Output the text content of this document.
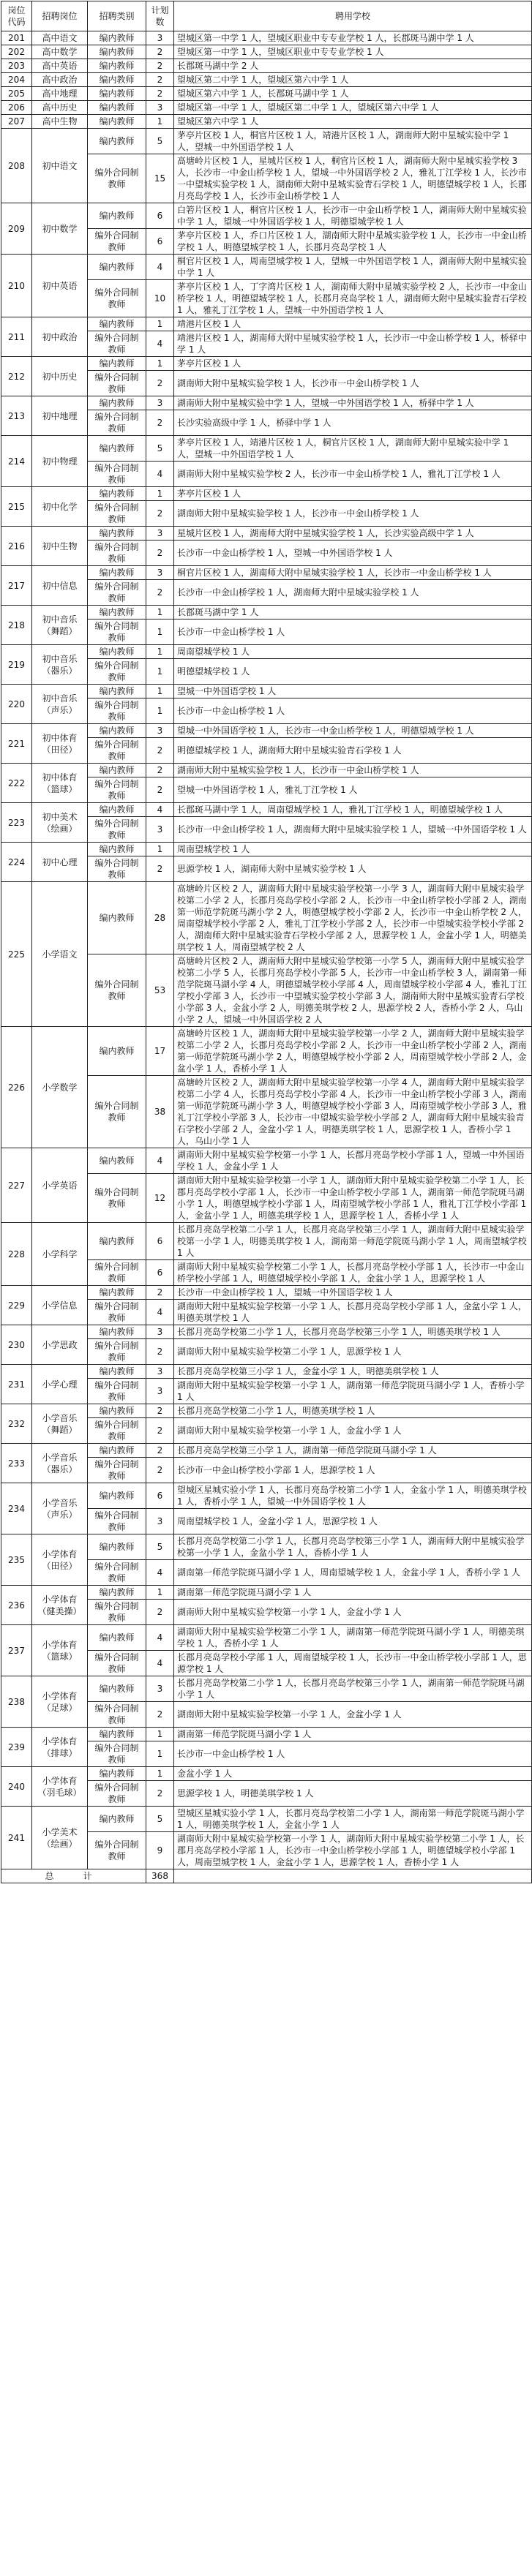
岗位代码	招聘岗位	招聘类别	计划数	聘用学校
201	高中语文	编内教师	3	望城区第一中学 1 人，望城区职业中专专业学校 1 人，长郡斑马湖中学 1 人
202	高中数学	编内教师	2	望城区第一中学 1 人，望城区职业中专专业学校 1 人
203	高中英语	编内教师	2	长郡斑马湖中学 2 人
204	高中政治	编内教师	2	望城区第二中学 1 人，望城区第六中学 1 人
205	高中地理	编内教师	2	望城区第六中学 1 人，长郡斑马湖中学 1 人
206	高中历史	编内教师	3	望城区第一中学 1 人，望城区第二中学 1 人，望城区第六中学 1 人
207	高中生物	编内教师	1	望城区第六中学 1 人
208	初中语文	编内教师	5	茅亭片区校 1 人，桐官片区校 1 人，靖港片区校 1 人，湖南师大附中星城实验中学 1 人，望城一中外国语学校 1 人
		编外合同制教师	15	高塘岭片区校 1 人，星城片区校 1 人，桐官片区校 1 人，湖南师大附中星城实验学校 3 人，长沙市一中金山桥学校 1 人，望城一中外国语学校 2 人，雅礼丁江学校 1 人，长沙市一中望城实验学校 1 人，湖南师大附中星城实验青石学校 1 人，明德望城学校 1 人，长郡月亮岛学校 1 人，长沙市金山桥学校 1 人
209	初中数学	编内教师	6	白箬片区校 1 人，桐官片区校 1 人，长沙市一中金山桥学校 1 人，湖南师大附中星城实验中学 1 人，望城一中外国语学校 1 人，明德望城学校 1 人
		编外合同制教师	6	茅亭片区校 1 人，乔口片区校 1 人，湖南师大附中星城实验学校 1 人，长沙市一中金山桥学校 1 人，明德望城学校 1 人，长郡月亮岛学校 1 人
210	初中英语	编内教师	4	桐官片区校 1 人，周南望城学校 1 人，望城一中外国语学校 1 人，湖南师大附中星城实验中学 1 人
		编外合同制教师	10	茅亭片区校 1 人，丁字湾片区校 1 人，湖南师大附中星城实验学校 2 人，长沙市一中金山桥学校 1 人，明德望城学校 1 人，长郡月亮岛学校 1 人，湖南师大附中星城实验青石学校 1 人，雅礼丁江学校 1 人，望城一中外国语学校 1 人
211	初中政治	编内教师	1	靖港片区校 1 人
		编外合同制教师	4	靖港片区校 1 人，湖南师大附中星城实验学校 1 人，长沙市一中金山桥学校 1 人，桥驿中学 1 人
212	初中历史	编内教师	1	茅亭片区校 1 人
		编外合同制教师	2	湖南师大附中星城实验学校 1 人，长沙市一中金山桥学校 1 人
213	初中地理	编内教师	3	湖南师大附中星城实验中学 1 人，望城一中外国语学校 1 人，桥驿中学 1 人
		编外合同制教师	2	长沙实验高级中学 1 人，桥驿中学 1 人
214	初中物理	编内教师	5	茅亭片区校 1 人，靖港片区校 1 人，桐官片区校 1 人，湖南师大附中星城实验中学 1 人，望城一中外国语学校 1 人
		编外合同制教师	4	湖南师大附中星城实验学校 2 人，长沙市一中金山桥学校 1 人，雅礼丁江学校 1 人
215	初中化学	编内教师	1	茅亭片区校 1 人
		编外合同制教师	2	湖南师大附中星城实验学校 1 人，长沙市一中金山桥学校 1 人
216	初中生物	编内教师	3	星城片区校 1 人，湖南师大附中星城实验学校 1 人，长沙实验高级中学 1 人
		编外合同制教师	2	长沙市一中金山桥学校 1 人，望城一中外国语学校 1 人
217	初中信息	编内教师	3	桐官片区校 1 人，湖南师大附中星城实验学校 1 人，长沙市一中金山桥学校 1 人
		编外合同制教师	2	长沙市一中金山桥学校 1 人，湖南师大附中星城实验学校 1 人
218	初中音乐（舞蹈）	编内教师	1	长郡斑马湖中学 1 人
		编外合同制教师	1	长沙市一中金山桥学校 1 人
219	初中音乐（器乐）	编内教师	1	周南望城学校 1 人
		编外合同制教师	1	明德望城学校 1 人
220	初中音乐（声乐）	编内教师	1	望城一中外国语学校 1 人
		编外合同制教师	1	长沙市一中金山桥学校 1 人
221	初中体育（田径）	编内教师	3	望城一中外国语学校 1 人，长沙市一中金山桥学校 1 人，明德望城学校 1 人
		编外合同制教师	2	明德望城学校 1 人，湖南师大附中星城实验青石学校 1 人
222	初中体育（篮球）	编内教师	2	湖南师大附中星城实验学校 1 人，长沙市一中金山桥学校 1 人
		编外合同制教师	2	望城一中外国语学校 1 人，雅礼丁江学校 1 人
223	初中美术（绘画）	编内教师	4	长郡斑马湖中学 1 人，周南望城学校 1 人，雅礼丁江学校 1 人，明德望城学校 1 人
		编外合同制教师	3	长沙市一中金山桥学校 1 人，湖南师大附中星城实验学校 1 人，望城一中外国语学校 1 人
224	初中心理	编内教师	1	周南望城学校 1 人
		编外合同制教师	2	思源学校 1 人，湖南师大附中星城实验学校 1 人
225	小学语文	编内教师	28	高塘岭片区校 2 人，湖南师大附中星城实验学校第一小学 3 人，湖南师大附中星城实验学校第二小学 2 人，长郡月亮岛学校小学部 2 人，长沙市一中金山桥学校小学部 2 人，湖南第一师范学院斑马湖小学 2 人，明德望城学校小学部 2 人，长沙市一中金山桥学校 2 人，周南望城学校小学部 2 人，雅礼丁江学校小学部 2 人，长沙市一中望城实验学校小学部 2 人，湖南师大附中星城实验青石学校小学部 2 人，思源学校 1 人，金盆小学 1 人，明德美琪学校 1 人，周南望城学校 2 人
		编外合同制教师	53	高塘岭片区校 2 人，湖南师大附中星城实验学校第一小学 5 人，湖南师大附中星城实验学校第二小学 5 人，长郡月亮岛学校小学部 5 人，长沙市一中金山桥学校 3 人，湖南第一师范学院斑马湖小学 4 人，明德望城学校小学部 4 人，周南望城学校小学部 4 人，雅礼丁江学校小学部 3 人，长沙市一中望城实验学校小学部 3 人，湖南师大附中星城实验青石学校小学部 3 人，金盆小学 2 人，明德美琪学校 2 人，思源学校 2 人，香桥小学 2 人，乌山小学 2 人，望城一中外国语学校 2 人
226	小学数学	编内教师	17	高塘岭片区校 1 人，湖南师大附中星城实验学校第一小学 2 人，湖南师大附中星城实验学校第二小学 2 人，长郡月亮岛学校小学部 2 人，长沙市一中金山桥学校小学部 2 人，湖南第一师范学院斑马湖小学 2 人，明德望城学校小学部 2 人，周南望城学校小学部 2 人，金盆小学 1 人，香桥小学 1 人
		编外合同制教师	38	高塘岭片区校 2 人，湖南师大附中星城实验学校第一小学 4 人，湖南师大附中星城实验学校第二小学 4 人，长郡月亮岛学校小学部 4 人，长沙市一中金山桥学校小学部 3 人，湖南第一师范学院斑马湖小学 3 人，明德望城学校小学部 3 人，周南望城学校小学部 3 人，雅礼丁江学校小学部 3 人，长沙市一中望城实验学校小学部 2 人，湖南师大附中星城实验青石学校小学部 2 人，金盆小学 1 人，明德美琪学校 1 人，思源学校 1 人，香桥小学 1 人，乌山小学 1 人
227	小学英语	编内教师	4	湖南师大附中星城实验学校第一小学 1 人，长郡月亮岛学校小学部 1 人，望城一中外国语学校 1 人，金盆小学 1 人
		编外合同制教师	12	湖南师大附中星城实验学校第一小学 1 人，湖南师大附中星城实验学校第二小学 1 人，长郡月亮岛学校小学部 1 人，长沙市一中金山桥学校小学部 1 人，湖南第一师范学院斑马湖小学 1 人，明德望城学校小学部 1 人，周南望城学校小学部 1 人，雅礼丁江学校小学部 1 人，金盆小学 1 人，明德美琪学校 1 人，思源学校 1 人，香桥小学 1 人
228	小学科学	编内教师	6	长郡月亮岛学校第二小学 1 人，长郡月亮岛学校第三小学 1 人，湖南师大附中星城实验学校第一小学 1 人，明德美琪学校 1 人，湖南第一师范学院斑马湖小学 1 人，周南望城学校 1 人
		编外合同制教师	6	湖南师大附中星城实验学校第二小学 1 人，长郡月亮岛学校小学部 1 人，长沙市一中金山桥学校小学部 1 人，明德望城学校小学部 1 人，金盆小学 1 人，思源学校 1 人
229	小学信息	编内教师	2	长沙市一中金山桥学校 1 人，望城一中外国语学校 1 人
		编外合同制教师	4	湖南师大附中星城实验学校第一小学 1 人，长郡月亮岛学校小学部 1 人，金盆小学 1 人，明德美琪学校 1 人
230	小学思政	编内教师	3	长郡月亮岛学校第二小学 1 人，长郡月亮岛学校第三小学 1 人，明德美琪学校 1 人
		编外合同制教师	2	湖南师大附中星城实验学校第二小学 1 人，思源学校 1 人
231	小学心理	编内教师	3	长郡月亮岛学校第三小学 1 人，金盆小学 1 人，明德美琪学校 1 人
		编外合同制教师	3	湖南师大附中星城实验学校第一小学 1 人，湖南第一师范学院斑马湖小学 1 人，香桥小学 1 人
232	小学音乐（舞蹈）	编内教师	2	长郡月亮岛学校第二小学 1 人，明德美琪学校 1 人
		编外合同制教师	2	湖南师大附中星城实验学校第一小学 1 人，金盆小学 1 人
233	小学音乐（器乐）	编内教师	2	长郡月亮岛学校第三小学 1 人，湖南第一师范学院斑马湖小学 1 人
		编外合同制教师	2	长沙市一中金山桥学校小学部 1 人，思源学校 1 人
234	小学音乐（声乐）	编内教师	6	望城区星城实验小学 1 人，长郡月亮岛学校第二小学 1 人，金盆小学 1 人，明德美琪学校 1 人，香桥小学 1 人，望城一中外国语学校 1 人
		编外合同制教师	3	周南望城学校 1 人，金盆小学 1 人，思源学校 1 人
235	小学体育（田径）	编内教师	5	长郡月亮岛学校第二小学 1 人，长郡月亮岛学校第三小学 1 人，湖南师大附中星城实验学校第一小学 1 人，金盆小学 1 人，香桥小学 1 人
		编外合同制教师	4	湖南第一师范学院斑马湖小学 1 人，周南望城学校 1 人，金盆小学 1 人，香桥小学 1 人
236	小学体育（健美操）	编内教师	1	湖南第一师范学院斑马湖小学 1 人
		编外合同制教师	2	湖南师大附中星城实验学校第一小学 1 人，金盆小学 1 人
237	小学体育（篮球）	编内教师	4	湖南师大附中星城实验学校第二小学 1 人，湖南第一师范学院斑马湖小学 1 人，明德美琪学校 1 人，香桥小学 1 人
		编外合同制教师	4	长郡月亮岛学校小学部 1 人，周南望城学校 1 人，长沙市一中金山桥学校小学部 1 人，思源学校 1 人
238	小学体育（足球）	编内教师	3	长郡月亮岛学校第二小学 1 人，长郡月亮岛学校第三小学 1 人，湖南第一师范学院斑马湖小学 1 人
		编外合同制教师	2	湖南师大附中星城实验学校第一小学 1 人，金盆小学 1 人
239	小学体育（排球）	编内教师	1	湖南第一师范学院斑马湖小学 1 人
		编外合同制教师	1	长沙市一中金山桥学校 1 人
240	小学体育（羽毛球）	编内教师	1	金盆小学 1 人
		编外合同制教师	2	思源学校 1 人，明德美琪学校 1 人
241	小学美术（绘画）	编内教师	5	望城区星城实验小学 1 人，长郡月亮岛学校第二小学 1 人，湖南第一师范学院斑马湖小学 1 人，明德美琪学校 1 人，金盆小学 1 人
		编外合同制教师	9	湖南师大附中星城实验学校第一小学 1 人，湖南师大附中星城实验学校第二小学 1 人，长郡月亮岛学校小学部 1 人，长沙市一中金山桥学校小学部 1 人，明德望城学校小学部 1 人，周南望城学校 1 人，金盆小学 1 人，思源学校 1 人，香桥小学 1 人
总　计			368	
